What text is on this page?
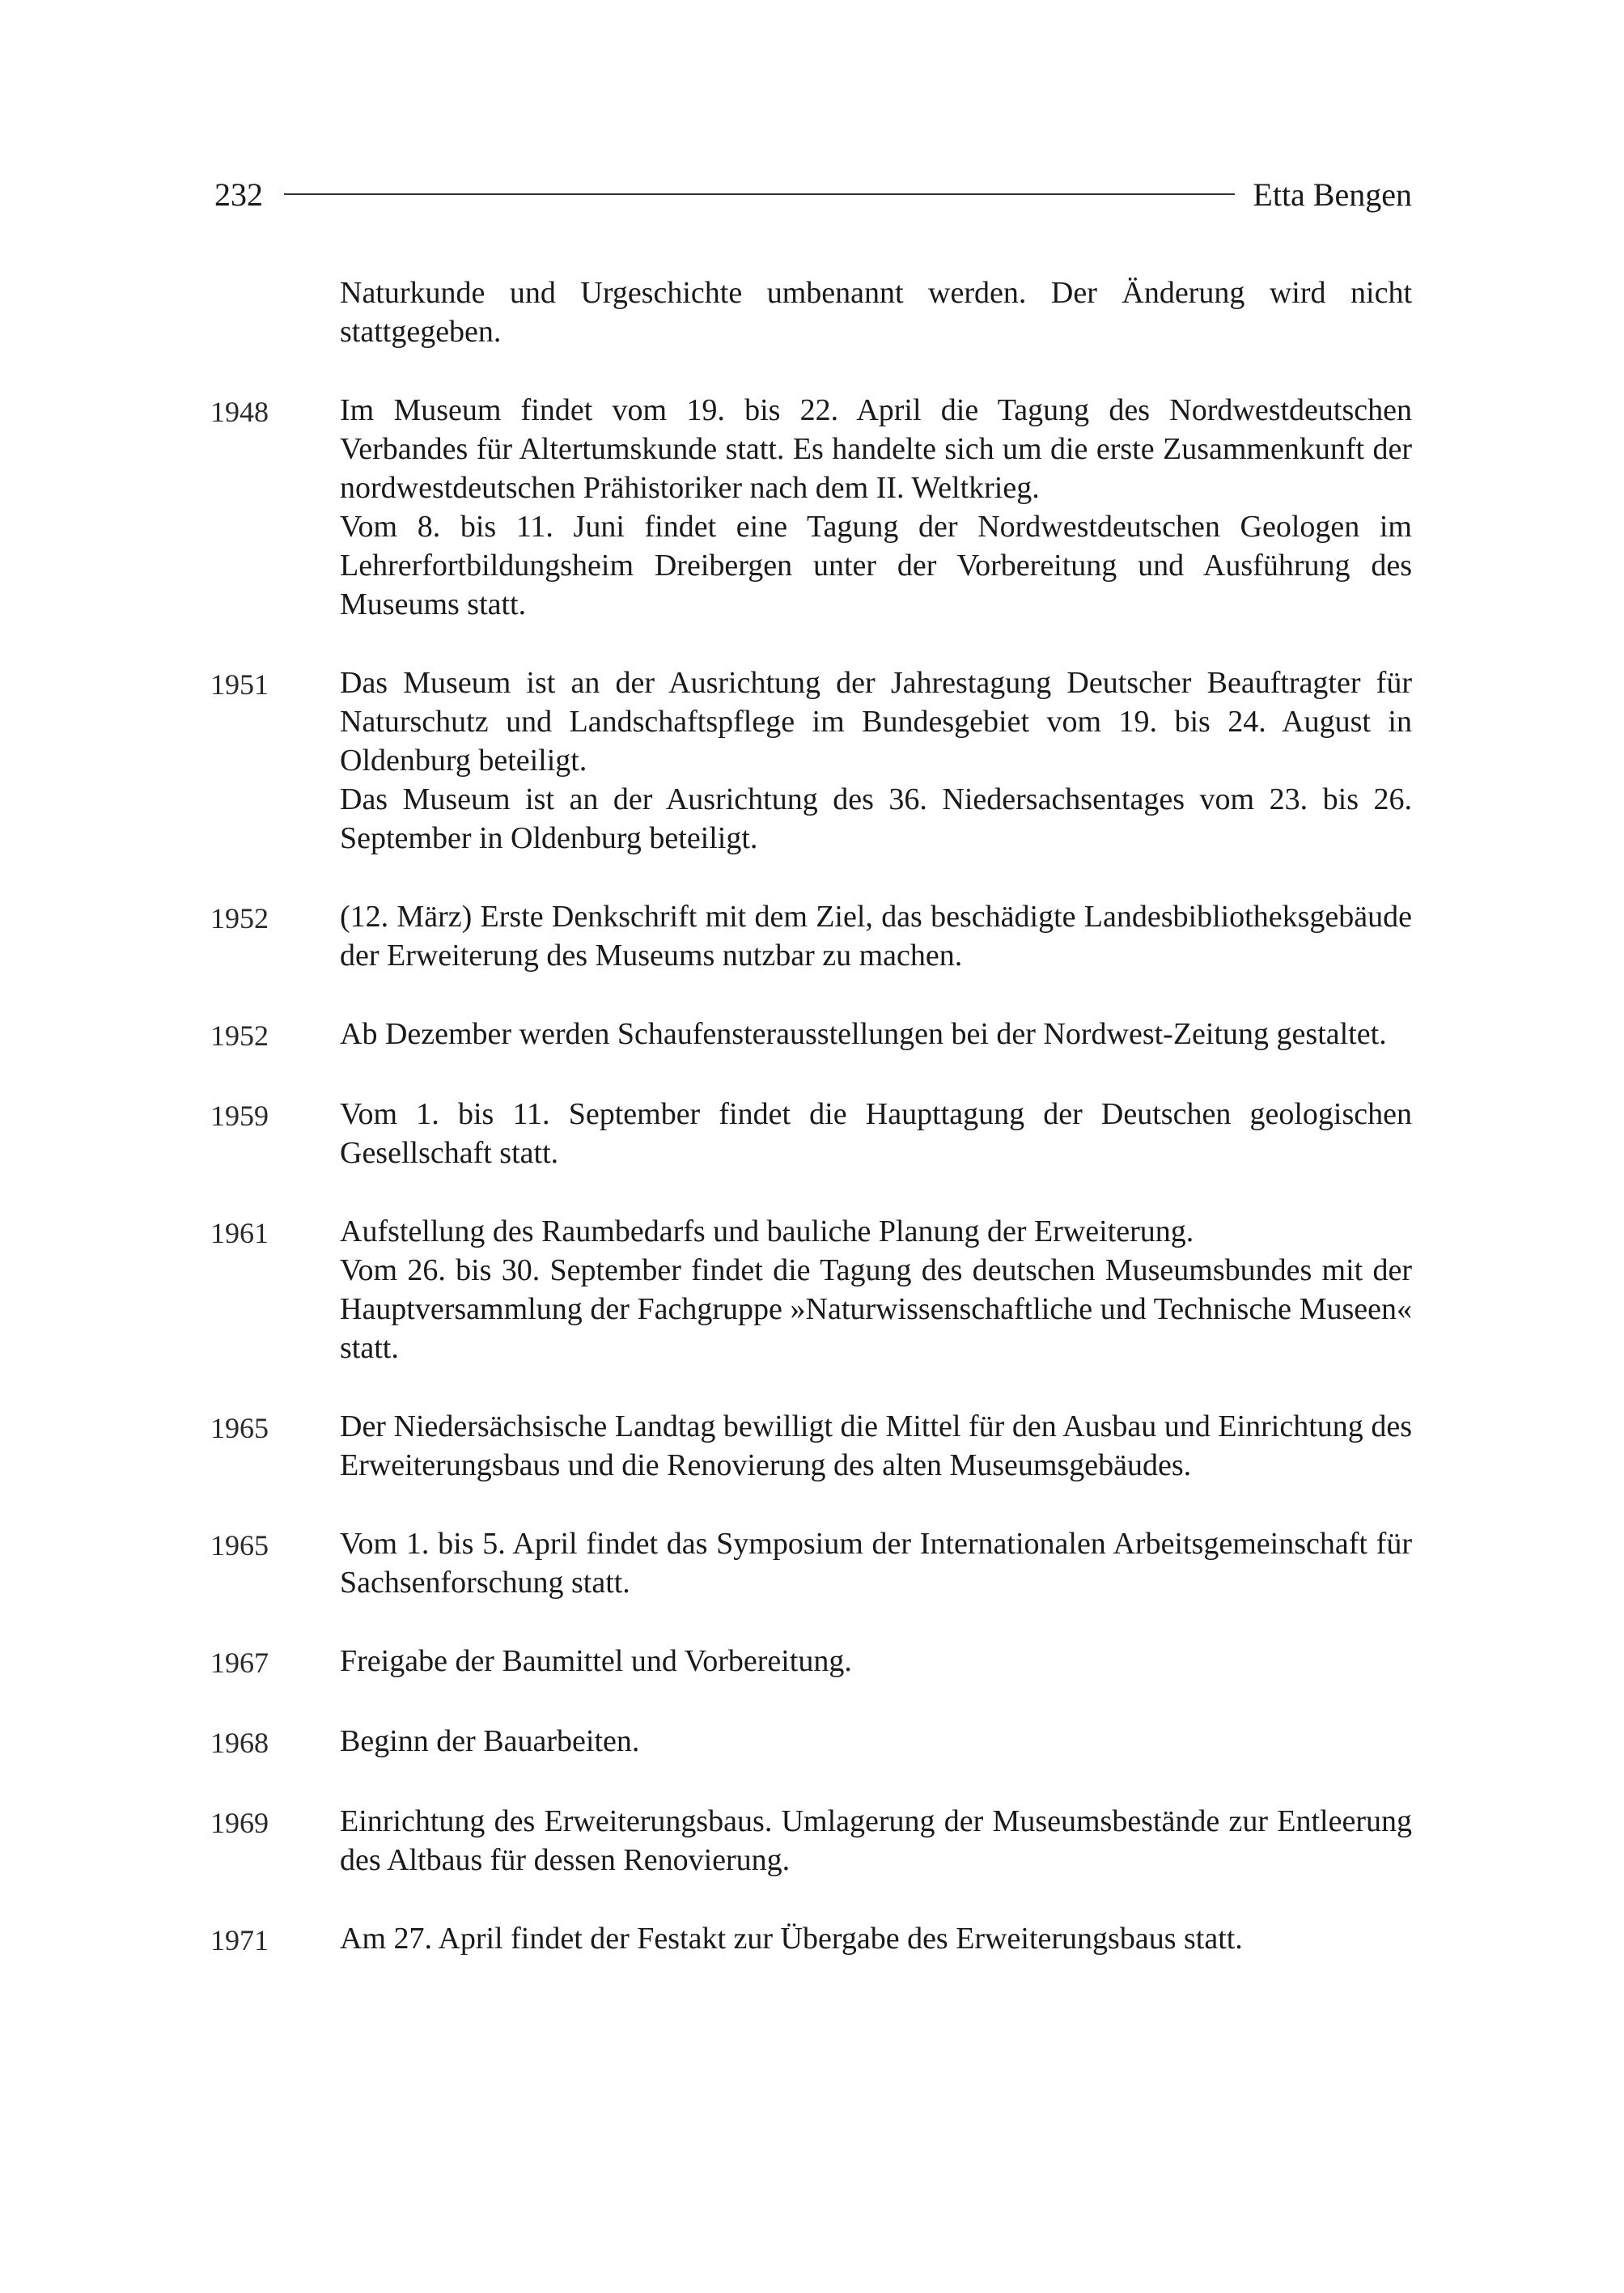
232	Etta Bengen

Naturkunde und Urgeschichte umbenannt werden. Der Änderung wird nicht stattgegeben.

1948	Im Museum findet vom 19. bis 22. April die Tagung des Nordwestdeutschen Verbandes für Altertumskunde statt. Es handelte sich um die erste Zusammenkunft der nordwestdeutschen Prähistoriker nach dem II. Weltkrieg.

Vom 8. bis 11. Juni findet eine Tagung der Nordwestdeutschen Geologen im Lehrerfortbildungsheim Dreibergen unter der Vorbereitung und Ausführung des Museums statt.

1951	Das Museum ist an der Ausrichtung der Jahrestagung Deutscher Beauftragter für Naturschutz und Landschaftspflege im Bundesgebiet vom 19. bis 24. August in Oldenburg beteiligt.

Das Museum ist an der Ausrichtung des 36. Niedersachsentages vom 23. bis 26. September in Oldenburg beteiligt.

1952	(12. März) Erste Denkschrift mit dem Ziel, das beschädigte Landesbibliotheksgebäude der Erweiterung des Museums nutzbar zu machen.

1952	Ab Dezember werden Schaufensterausstellungen bei der Nordwest-Zeitung gestaltet.

1959	Vom 1. bis 11. September findet die Haupttagung der Deutschen geologischen Gesellschaft statt.

1961	Aufstellung des Raumbedarfs und bauliche Planung der Erweiterung.

Vom 26. bis 30. September findet die Tagung des deutschen Museumsbundes mit der Hauptversammlung der Fachgruppe »Naturwissenschaftliche und Technische Museen« statt.

1965	Der Niedersächsische Landtag bewilligt die Mittel für den Ausbau und Einrichtung des Erweiterungsbaus und die Renovierung des alten Museumsgebäudes.

1965	Vom 1. bis 5. April findet das Symposium der Internationalen Arbeitsgemeinschaft für Sachsenforschung statt.

1967	Freigabe der Baumittel und Vorbereitung.

1968	Beginn der Bauarbeiten.

1969	Einrichtung des Erweiterungsbaus. Umlagerung der Museumsbestände zur Entleerung des Altbaus für dessen Renovierung.

1971	Am 27. April findet der Festakt zur Übergabe des Erweiterungsbaus statt.
